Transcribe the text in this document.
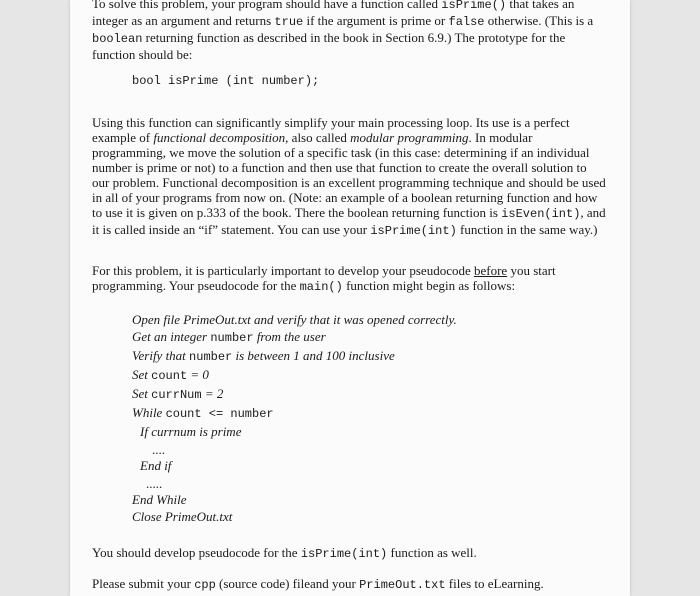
To solve this problem, your program should have a function called isPrime() that takes an integer as an argument and returns true if the argument is prime or false otherwise. (This is a boolean returning function as described in the book in Section 6.9.) The prototype for the function should be:

bool isPrime (int number);

Using this function can significantly simplify your main processing loop. Its use is a perfect example of functional decomposition, also called modular programming. In modular programming, we move the solution of a specific task (in this case: determining if an individual number is prime or not) to a function and then use that function to create the overall solution to our problem. Functional decomposition is an excellent programming technique and should be used in all of your programs from now on. (Note: an example of a boolean returning function and how to use it is given on p.333 of the book. There the boolean returning function is isEven(int), and it is called inside an “if” statement. You can use your isPrime(int) function in the same way.)

For this problem, it is particularly important to develop your pseudocode before you start programming. Your pseudocode for the main() function might begin as follows:

Open file PrimeOut.txt and verify that it was opened correctly.
Get an integer number from the user
Verify that number is between 1 and 100 inclusive
Set count = 0
Set currNum = 2
While count <= number
If currnum is prime
....
End if
.....
End While
Close PrimeOut.txt

You should develop pseudocode for the isPrime(int) function as well.

Please submit your cpp (source code) fileand your PrimeOut.txt files to eLearning.
